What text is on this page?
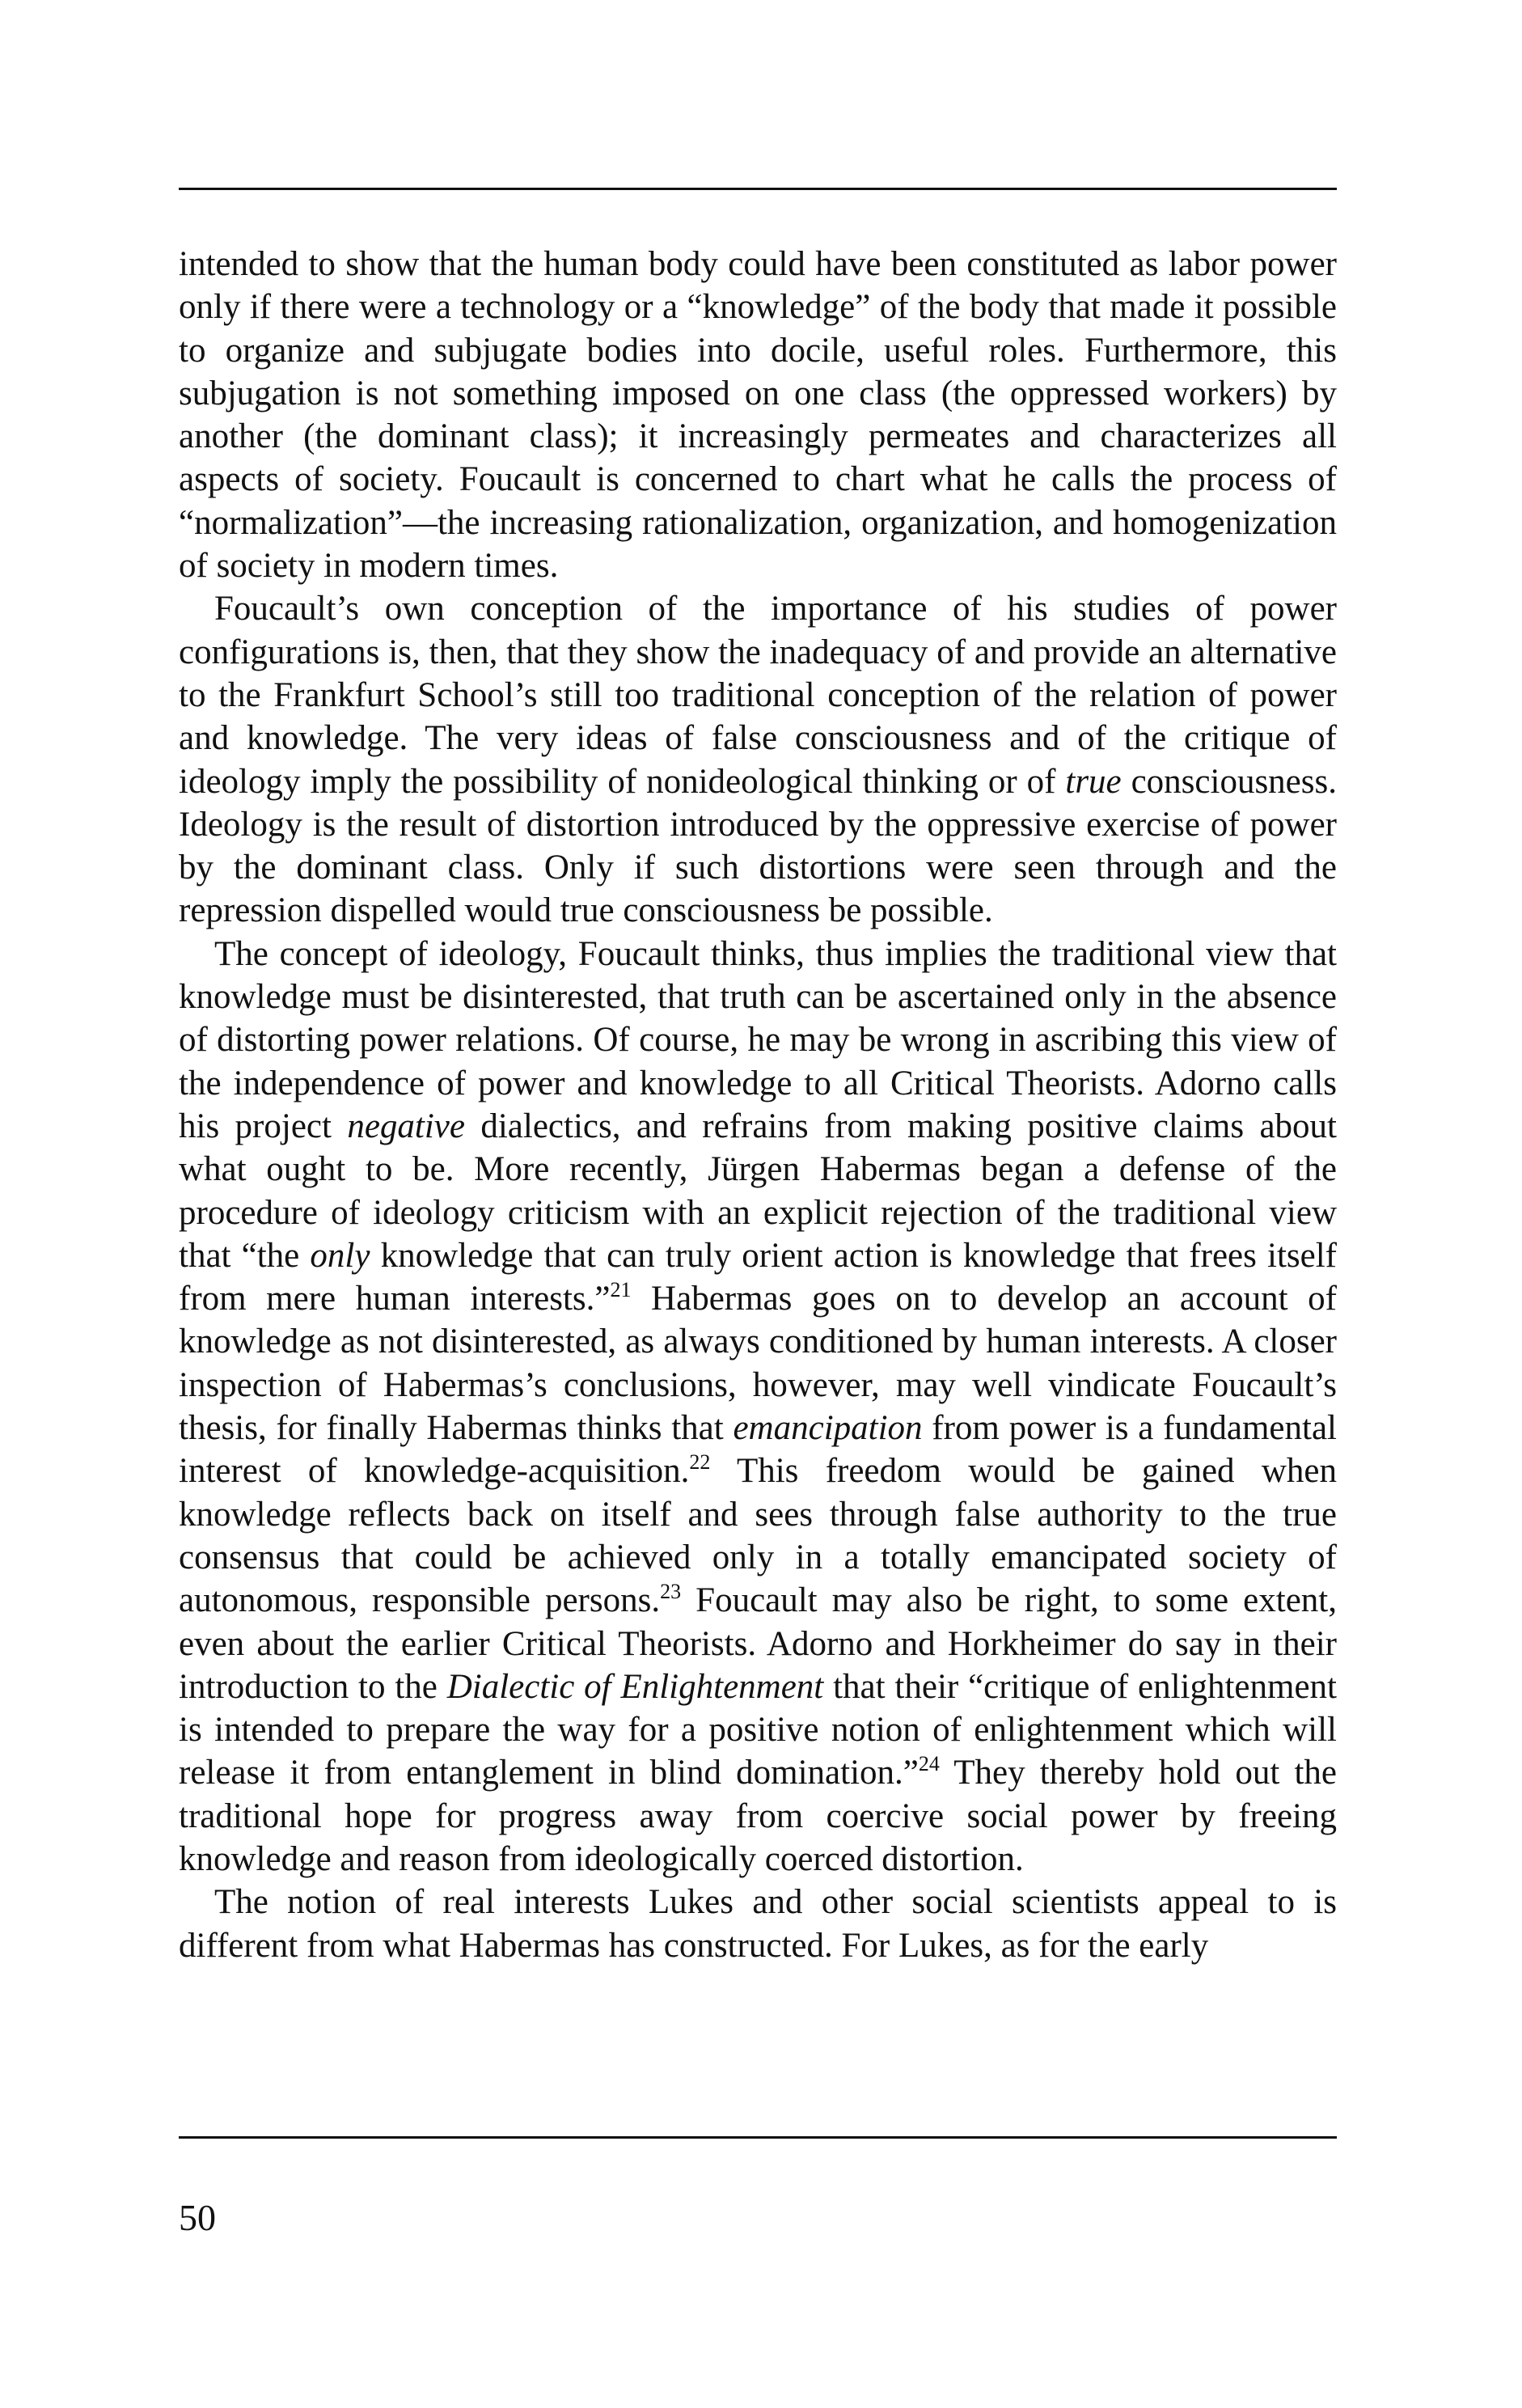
intended to show that the human body could have been constituted as labor power only if there were a technology or a “knowledge” of the body that made it possible to organize and subjugate bodies into docile, useful roles. Furthermore, this subjugation is not something imposed on one class (the oppressed workers) by another (the dominant class); it increasingly permeates and characterizes all aspects of society. Foucault is concerned to chart what he calls the process of “normalization”—the increasing rationalization, organization, and homogenization of society in modern times.

Foucault’s own conception of the importance of his studies of power configurations is, then, that they show the inadequacy of and provide an alternative to the Frankfurt School’s still too traditional conception of the relation of power and knowledge. The very ideas of false consciousness and of the critique of ideology imply the possibility of nonideological thinking or of true consciousness. Ideology is the result of distortion introduced by the oppressive exercise of power by the dominant class. Only if such distortions were seen through and the repression dispelled would true consciousness be possible.

The concept of ideology, Foucault thinks, thus implies the traditional view that knowledge must be disinterested, that truth can be ascertained only in the absence of distorting power relations. Of course, he may be wrong in ascribing this view of the independence of power and knowledge to all Critical Theorists. Adorno calls his project negative dialectics, and refrains from making positive claims about what ought to be. More recently, Jürgen Habermas began a defense of the procedure of ideology criticism with an explicit rejection of the traditional view that “the only knowledge that can truly orient action is knowledge that frees itself from mere human interests.”$^{21}$ Habermas goes on to develop an account of knowledge as not disinterested, as always conditioned by human interests. A closer inspection of Habermas’s conclusions, however, may well vindicate Foucault’s thesis, for finally Habermas thinks that emancipation from power is a fundamental interest of knowledge-acquisition.$^{22}$ This freedom would be gained when knowledge reflects back on itself and sees through false authority to the true consensus that could be achieved only in a totally emancipated society of autonomous, responsible persons.$^{23}$ Foucault may also be right, to some extent, even about the earlier Critical Theorists. Adorno and Horkheimer do say in their introduction to the Dialectic of Enlightenment that their “critique of enlightenment is intended to prepare the way for a positive notion of enlightenment which will release it from entanglement in blind domination.”$^{24}$ They thereby hold out the traditional hope for progress away from coercive social power by freeing knowledge and reason from ideologically coerced distortion.

The notion of real interests Lukes and other social scientists appeal to is different from what Habermas has constructed. For Lukes, as for the early

50
